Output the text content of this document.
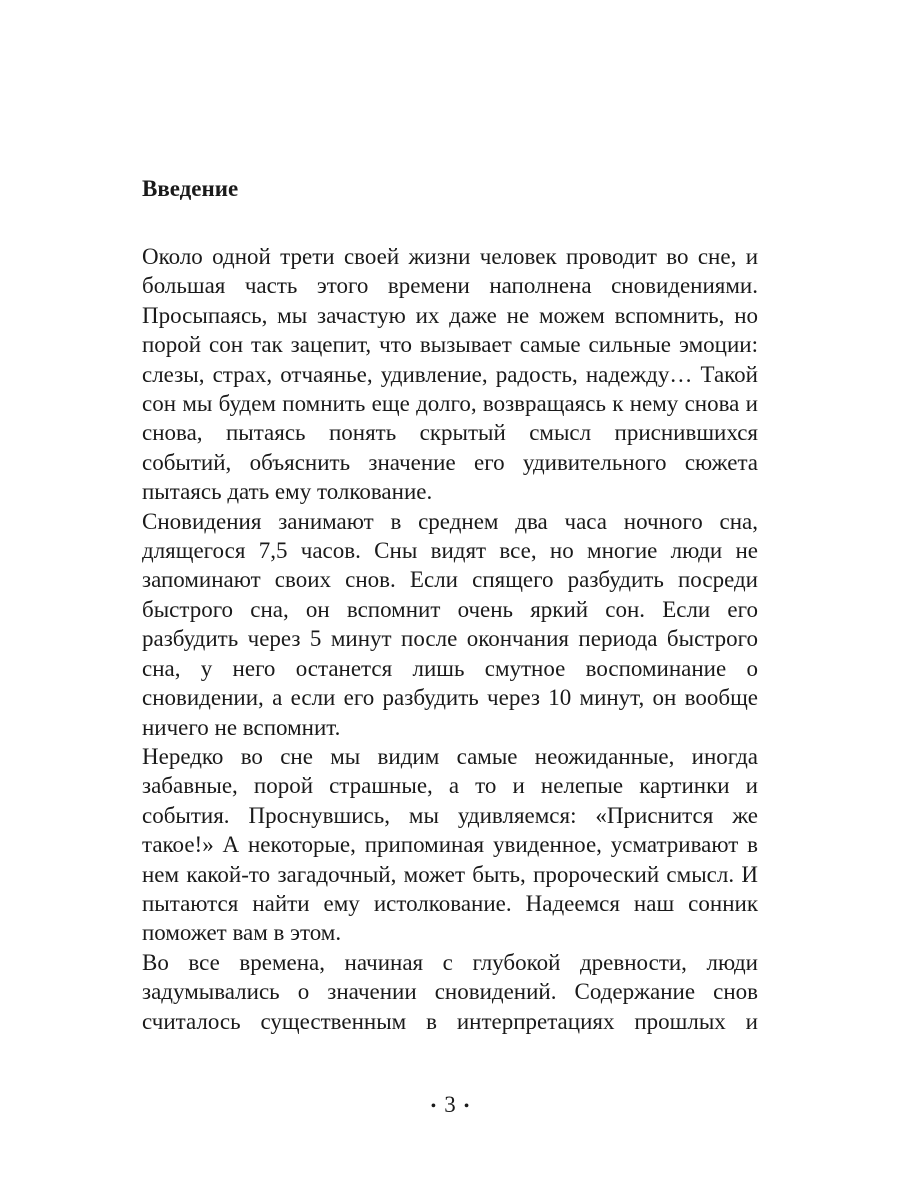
Введение

Около одной трети своей жизни человек проводит во сне, и большая часть этого времени наполнена сновидениями. Просыпаясь, мы зачастую их даже не можем вспомнить, но порой сон так зацепит, что вызывает самые сильные эмоции: слезы, страх, отчаянье, удивление, радость, надежду… Такой сон мы будем помнить еще долго, возвращаясь к нему снова и снова, пытаясь понять скрытый смысл приснившихся событий, объяснить значение его удивительного сюжета пытаясь дать ему толкование.

Сновидения занимают в среднем два часа ночного сна, длящегося 7,5 часов. Сны видят все, но многие люди не запоминают своих снов. Если спящего разбудить посреди быстрого сна, он вспомнит очень яркий сон. Если его разбудить через 5 минут после окончания периода быстрого сна, у него останется лишь смутное воспоминание о сновидении, а если его разбудить через 10 минут, он вообще ничего не вспомнит.

Нередко во сне мы видим самые неожиданные, иногда забавные, порой страшные, а то и нелепые картинки и события. Проснувшись, мы удивляемся: «Приснится же такое!» А некоторые, припоминая увиденное, усматривают в нем какой-то загадочный, может быть, пророческий смысл. И пытаются найти ему истолкование. Надеемся наш сонник поможет вам в этом.

Во все времена, начиная с глубокой древности, люди задумывались о значении сновидений. Содержание снов считалось существенным в интерпретациях прошлых и

• 3 •
